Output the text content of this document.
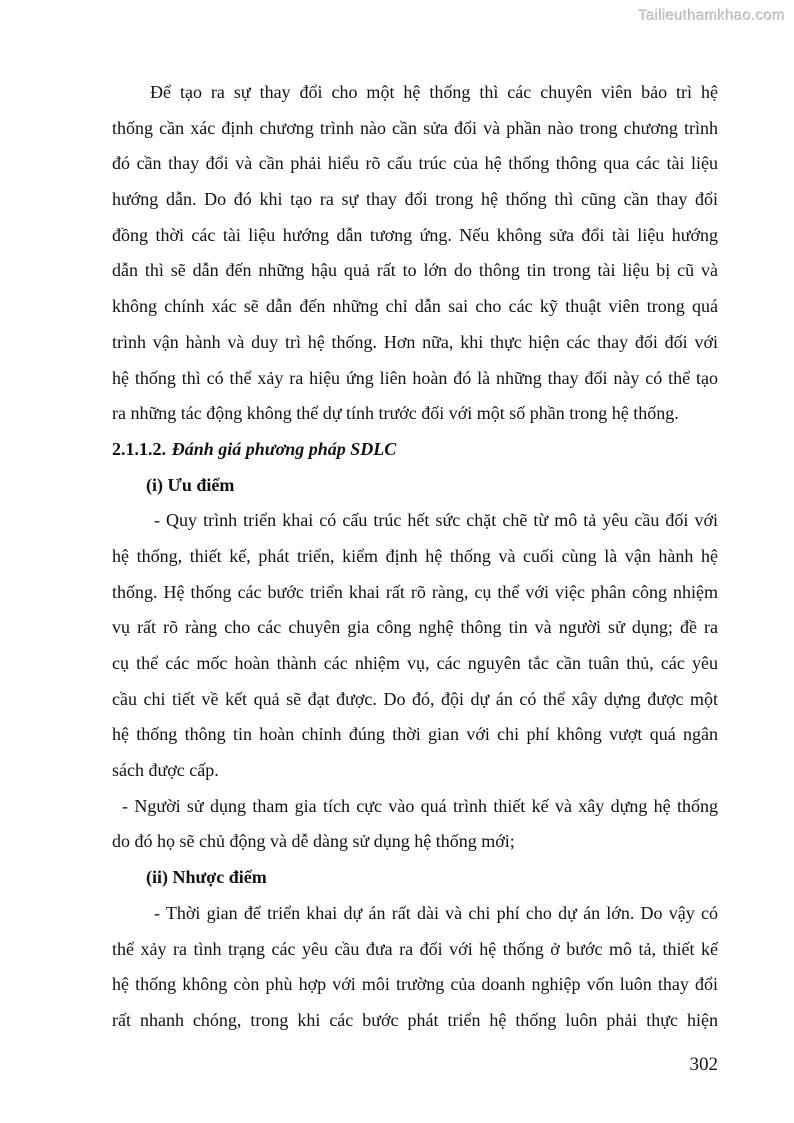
Tailieuthamkhao.com
Để tạo ra sự thay đổi cho một hệ thống thì các chuyên viên bảo trì hệ
thống cần xác định chương trình nào cần sửa đổi và phần nào trong chương trình
đó cần thay đổi và cần phải hiểu rõ cấu trúc của hệ thống thông qua các tài liệu
hướng dẫn. Do đó khi tạo ra sự thay đổi trong hệ thống thì cũng cần thay đổi
đồng thời các tài liệu hướng dẫn tương ứng. Nếu không sửa đổi tài liệu hướng
dẫn thì sẽ dẫn đến những hậu quả rất to lớn do thông tin trong tài liệu bị cũ và
không chính xác sẽ dẫn đến những chỉ dẫn sai cho các kỹ thuật viên trong quá
trình vận hành và duy trì hệ thống. Hơn nữa, khi thực hiện các thay đổi đối với
hệ thống thì có thể xảy ra hiệu ứng liên hoàn đó là những thay đổi này có thể tạo
ra những tác động không thể dự tính trước đối với một số phần trong hệ thống.
2.1.1.2. Đánh giá phương pháp SDLC
(i) Ưu điểm
- Quy trình triển khai có cấu trúc hết sức chặt chẽ từ mô tả yêu cầu đối với
hệ thống, thiết kế, phát triển, kiểm định hệ thống và cuối cùng là vận hành hệ
thống. Hệ thống các bước triển khai rất rõ ràng, cụ thể với việc phân công nhiệm
vụ rất rõ ràng cho các chuyên gia công nghệ thông tin và người sử dụng; đề ra
cụ thể các mốc hoàn thành các nhiệm vụ, các nguyên tắc cần tuân thủ, các yêu
cầu chi tiết về kết quả sẽ đạt được. Do đó, đội dự án có thể xây dựng được một
hệ thống thông tin hoàn chỉnh đúng thời gian với chi phí không vượt quá ngân
sách được cấp.
- Người sử dụng tham gia tích cực vào quá trình thiết kế và xây dựng hệ thống
do đó họ sẽ chủ động và dễ dàng sử dụng hệ thống mới;
(ii) Nhược điểm
- Thời gian để triển khai dự án rất dài và chi phí cho dự án lớn. Do vậy có
thể xảy ra tình trạng các yêu cầu đưa ra đối với hệ thống ở bước mô tả, thiết kế
hệ thống không còn phù hợp với môi trường của doanh nghiệp vốn luôn thay đổi
rất nhanh chóng, trong khi các bước phát triển hệ thống luôn phải thực hiện
302
